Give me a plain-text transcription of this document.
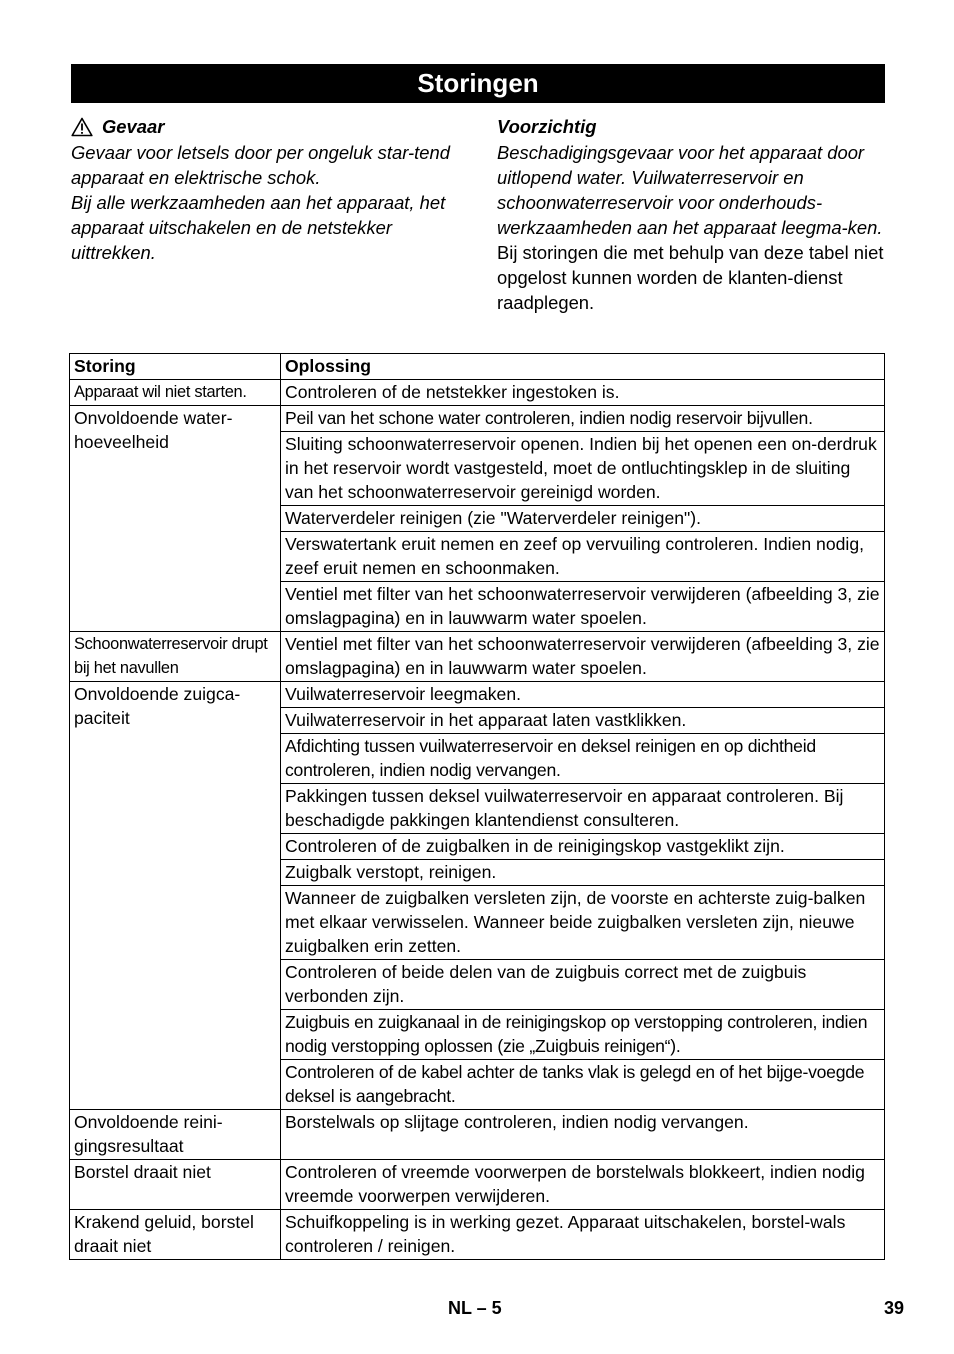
Storingen
Gevaar

Gevaar voor letsels door per ongeluk star-tend apparaat en elektrische schok.

Bij alle werkzaamheden aan het apparaat, het apparaat uitschakelen en de netstekker uittrekken.

Voorzichtig

Beschadigingsgevaar voor het apparaat door uitlopend water. Vuilwaterreservoir en schoonwaterreservoir voor onderhouds-werkzaamheden aan het apparaat leegma-ken.

Bij storingen die met behulp van deze tabel niet opgelost kunnen worden de klanten-dienst raadplegen.

Storing	Oplossing
Apparaat wil niet starten.	Controleren of de netstekker ingestoken is.
Onvoldoende water-hoeveelheid	Peil van het schone water controleren, indien nodig reservoir bijvullen.
	Sluiting schoonwaterreservoir openen. Indien bij het openen een on-derdruk in het reservoir wordt vastgesteld, moet de ontluchtingsklep in de sluiting van het schoonwaterreservoir gereinigd worden.
	Waterverdeler reinigen (zie "Waterverdeler reinigen").
	Verswatertank eruit nemen en zeef op vervuiling controleren. Indien nodig, zeef eruit nemen en schoonmaken.
	Ventiel met filter van het schoonwaterreservoir verwijderen (afbeelding 3, zie omslagpagina) en in lauwwarm water spoelen.
Schoonwaterreservoir drupt bij het navullen	Ventiel met filter van het schoonwaterreservoir verwijderen (afbeelding 3, zie omslagpagina) en in lauwwarm water spoelen.
Onvoldoende zuigca-paciteit	Vuilwaterreservoir leegmaken.
	Vuilwaterreservoir in het apparaat laten vastklikken.
	Afdichting tussen vuilwaterreservoir en deksel reinigen en op dichtheid controleren, indien nodig vervangen.
	Pakkingen tussen deksel vuilwaterreservoir en apparaat controleren. Bij beschadigde pakkingen klantendienst consulteren.
	Controleren of de zuigbalken in de reinigingskop vastgeklikt zijn.
	Zuigbalk verstopt, reinigen.
	Wanneer de zuigbalken versleten zijn, de voorste en achterste zuig-balken met elkaar verwisselen. Wanneer beide zuigbalken versleten zijn, nieuwe zuigbalken erin zetten.
	Controleren of beide delen van de zuigbuis correct met de zuigbuis verbonden zijn.
	Zuigbuis en zuigkanaal in de reinigingskop op verstopping controleren, indien nodig verstopping oplossen (zie „Zuigbuis reinigen“).
	Controleren of de kabel achter de tanks vlak is gelegd en of het bijge-voegde deksel is aangebracht.
Onvoldoende reini-gingsresultaat	Borstelwals op slijtage controleren, indien nodig vervangen.
Borstel draait niet	Controleren of vreemde voorwerpen de borstelwals blokkeert, indien nodig vreemde voorwerpen verwijderen.
Krakend geluid, borstel draait niet	Schuifkoppeling is in werking gezet. Apparaat uitschakelen, borstel-wals controleren / reinigen.
NL – 5	39
